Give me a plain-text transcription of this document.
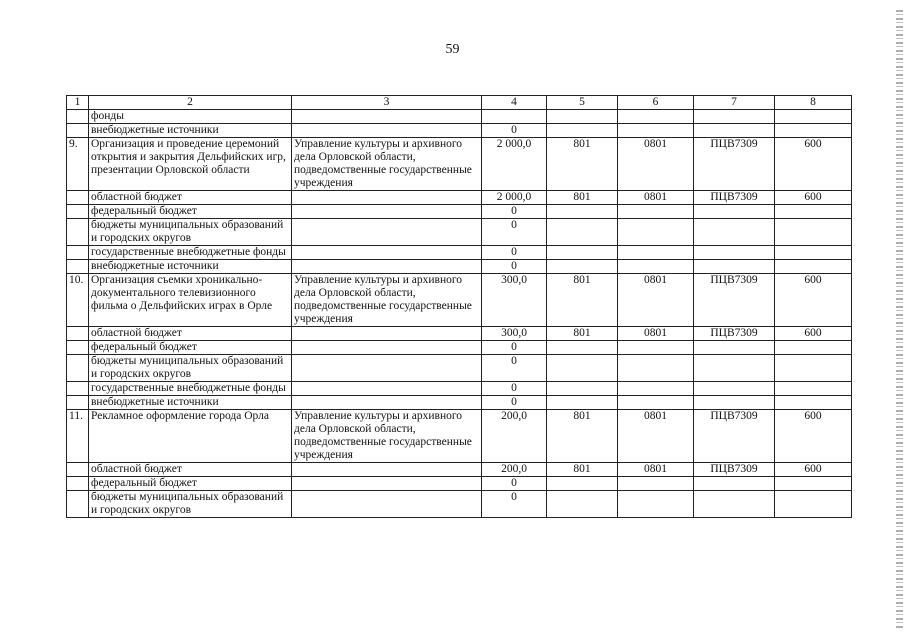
59
1	2	3	4	5	6	7	8
	фонды						
	внебюджетные источники		0				
9.	Организация и проведение церемоний открытия и закрытия Дельфийских игр, презентации Орловской области	Управление культуры и архивного дела Орловской области, подведомственные государственные учреждения	2 000,0	801	0801	ПЦВ7309	600
	областной бюджет		2 000,0	801	0801	ПЦВ7309	600
	федеральный бюджет		0				
	бюджеты муниципальных образований и городских округов		0				
	государственные внебюджетные фонды		0				
	внебюджетные источники		0				
10.	Организация съемки хроникально-документального телевизионного фильма о Дельфийских играх в Орле	Управление культуры и архивного дела Орловской области, подведомственные государственные учреждения	300,0	801	0801	ПЦВ7309	600
	областной бюджет		300,0	801	0801	ПЦВ7309	600
	федеральный бюджет		0				
	бюджеты муниципальных образований и городских округов		0				
	государственные внебюджетные фонды		0				
	внебюджетные источники		0				
11.	Рекламное оформление города Орла	Управление культуры и архивного дела Орловской области, подведомственные государственные учреждения	200,0	801	0801	ПЦВ7309	600
	областной бюджет		200,0	801	0801	ПЦВ7309	600
	федеральный бюджет		0				
	бюджеты муниципальных образований и городских округов		0				
